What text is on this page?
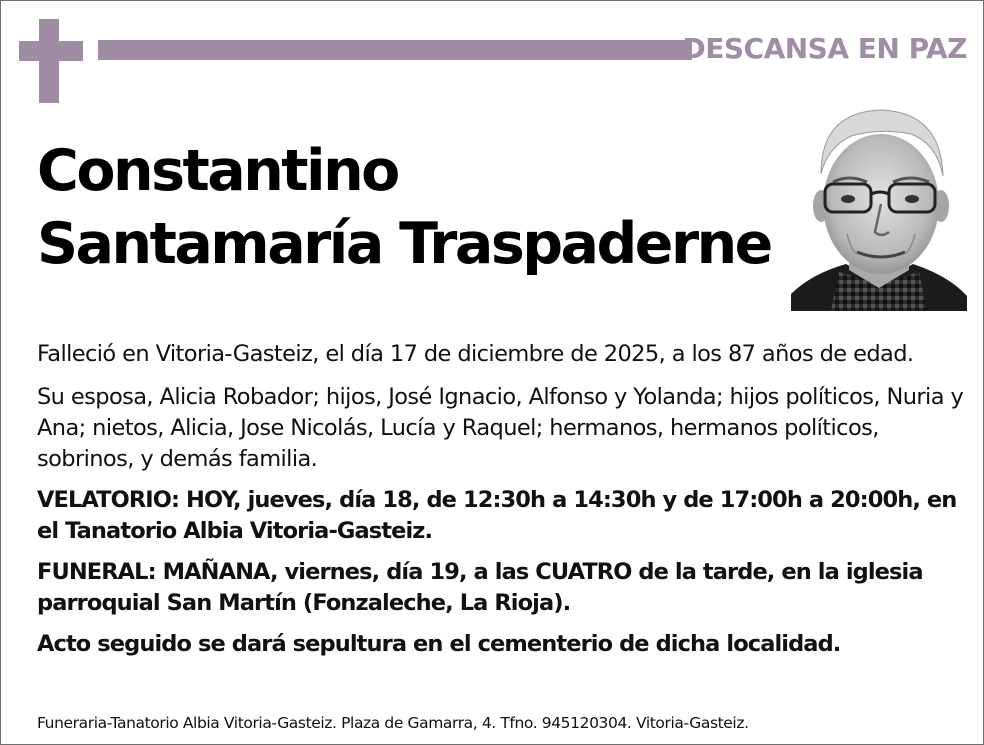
DESCANSA EN PAZ
Constantino
Santamaría Traspaderne

Falleció en Vitoria-Gasteiz, el día 17 de diciembre de 2025, a los 87 años de edad.

Su esposa, Alicia Robador; hijos, José Ignacio, Alfonso y Yolanda; hijos políticos, Nuria y Ana; nietos, Alicia, Jose Nicolás, Lucía y Raquel; hermanos, hermanos políticos, sobrinos, y demás familia.

VELATORIO: HOY, jueves, día 18, de 12:30h a 14:30h y de 17:00h a 20:00h, en el Tanatorio Albia Vitoria-Gasteiz.

FUNERAL: MAÑANA, viernes, día 19, a las CUATRO de la tarde, en la iglesia parroquial San Martín (Fonzaleche, La Rioja).

Acto seguido se dará sepultura en el cementerio de dicha localidad.

Funeraria-Tanatorio Albia Vitoria-Gasteiz. Plaza de Gamarra, 4. Tfno. 945120304. Vitoria-Gasteiz.
